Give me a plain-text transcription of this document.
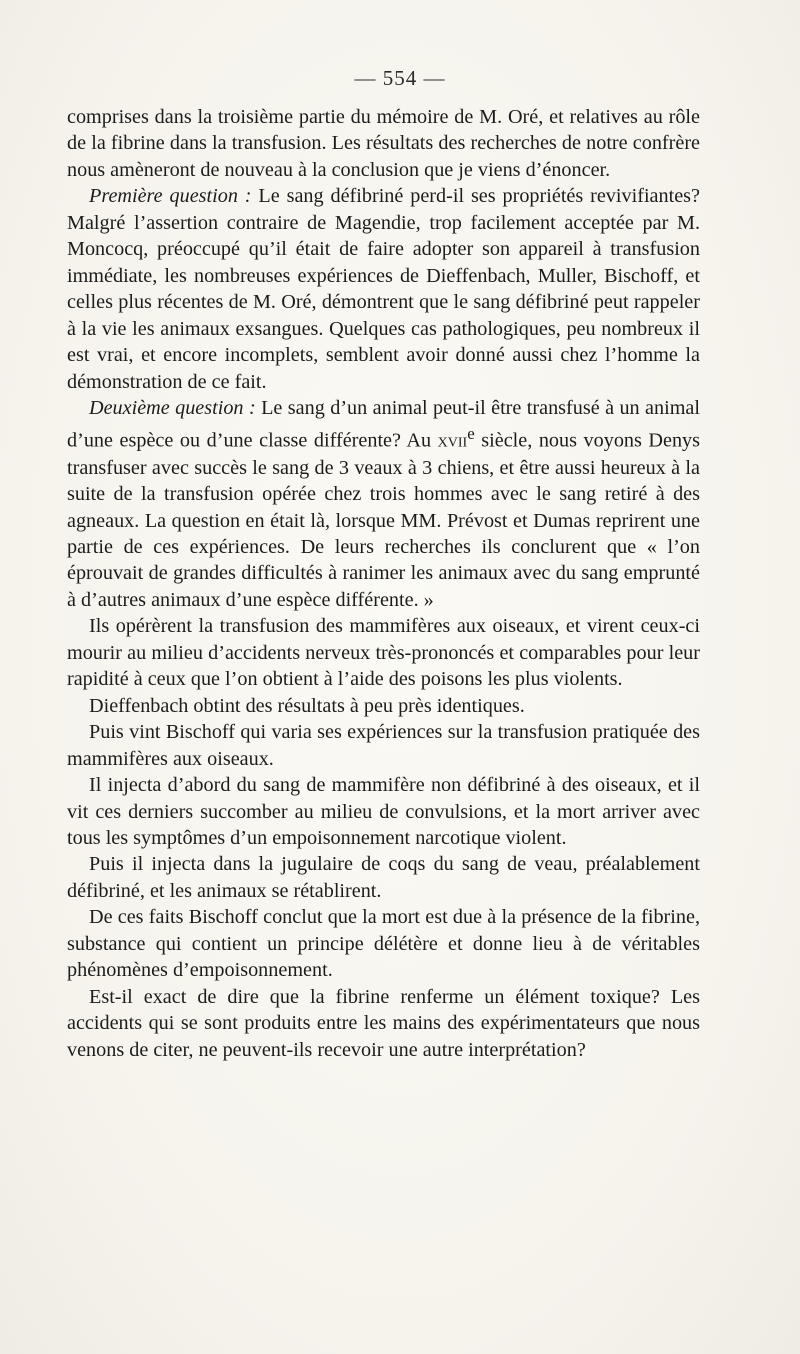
— 554 —

comprises dans la troisième partie du mémoire de M. Oré, et relatives au rôle de la fibrine dans la transfusion. Les résultats des recherches de notre confrère nous amèneront de nouveau à la conclusion que je viens d’énoncer.

Première question : Le sang défibriné perd-il ses propriétés revivifiantes? Malgré l’assertion contraire de Magendie, trop facilement acceptée par M. Moncocq, préoccupé qu’il était de faire adopter son appareil à transfusion immédiate, les nombreuses expériences de Dieffenbach, Muller, Bischoff, et celles plus récentes de M. Oré, démontrent que le sang défibriné peut rappeler à la vie les animaux exsangues. Quelques cas pathologiques, peu nombreux il est vrai, et encore incomplets, semblent avoir donné aussi chez l’homme la démonstration de ce fait.

Deuxième question : Le sang d’un animal peut-il être transfusé à un animal d’une espèce ou d’une classe différente? Au xvii$^e$ siècle, nous voyons Denys transfuser avec succès le sang de 3 veaux à 3 chiens, et être aussi heureux à la suite de la transfusion opérée chez trois hommes avec le sang retiré à des agneaux. La question en était là, lorsque MM. Prévost et Dumas reprirent une partie de ces expériences. De leurs recherches ils conclurent que « l’on éprouvait de grandes difficultés à ranimer les animaux avec du sang emprunté à d’autres animaux d’une espèce différente. »

Ils opérèrent la transfusion des mammifères aux oiseaux, et virent ceux-ci mourir au milieu d’accidents nerveux très-prononcés et comparables pour leur rapidité à ceux que l’on obtient à l’aide des poisons les plus violents.

Dieffenbach obtint des résultats à peu près identiques.

Puis vint Bischoff qui varia ses expériences sur la transfusion pratiquée des mammifères aux oiseaux.

Il injecta d’abord du sang de mammifère non défibriné à des oiseaux, et il vit ces derniers succomber au milieu de convulsions, et la mort arriver avec tous les symptômes d’un empoisonnement narcotique violent.

Puis il injecta dans la jugulaire de coqs du sang de veau, préalablement défibriné, et les animaux se rétablirent.

De ces faits Bischoff conclut que la mort est due à la présence de la fibrine, substance qui contient un principe délétère et donne lieu à de véritables phénomènes d’empoisonnement.

Est-il exact de dire que la fibrine renferme un élément toxique? Les accidents qui se sont produits entre les mains des expérimentateurs que nous venons de citer, ne peuvent-ils recevoir une autre interprétation?
